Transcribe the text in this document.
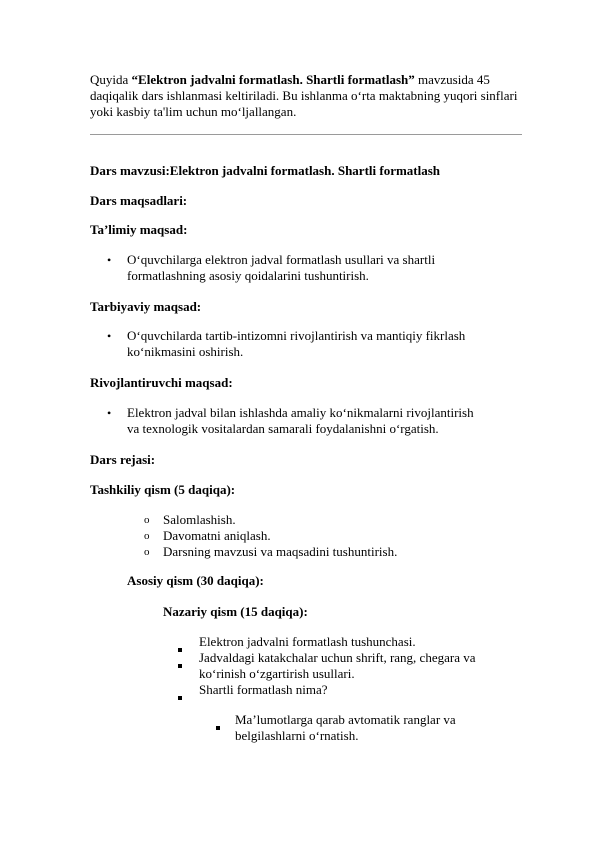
Quyida “Elektron jadvalni formatlash. Shartli formatlash” mavzusida 45 daqiqalik dars ishlanmasi keltiriladi. Bu ishlanma o‘rta maktabning yuqori sinflari yoki kasbiy ta'lim uchun mo‘ljallangan.
Dars mavzusi:Elektron jadvalni formatlash. Shartli formatlash
Dars maqsadlari:
Ta’limiy maqsad:
• O‘quvchilarga elektron jadval formatlash usullari va shartli
formatlashning asosiy qoidalarini tushuntirish.
Tarbiyaviy maqsad:
• O‘quvchilarda tartib-intizomni rivojlantirish va mantiqiy fikrlash
ko‘nikmasini oshirish.
Rivojlantiruvchi maqsad:
• Elektron jadval bilan ishlashda amaliy ko‘nikmalarni rivojlantirish
va texnologik vositalardan samarali foydalanishni o‘rgatish.
Dars rejasi:
Tashkiliy qism (5 daqiqa):
o Salomlashish.
o Davomatni aniqlash.
o Darsning mavzusi va maqsadini tushuntirish.
Asosiy qism (30 daqiqa):
Nazariy qism (15 daqiqa):
Elektron jadvalni formatlash tushunchasi.
Jadvaldagi katakchalar uchun shrift, rang, chegara va
ko‘rinish o‘zgartirish usullari.
Shartli formatlash nima?
Ma’lumotlarga qarab avtomatik ranglar va
belgilashlarni o‘rnatish.
